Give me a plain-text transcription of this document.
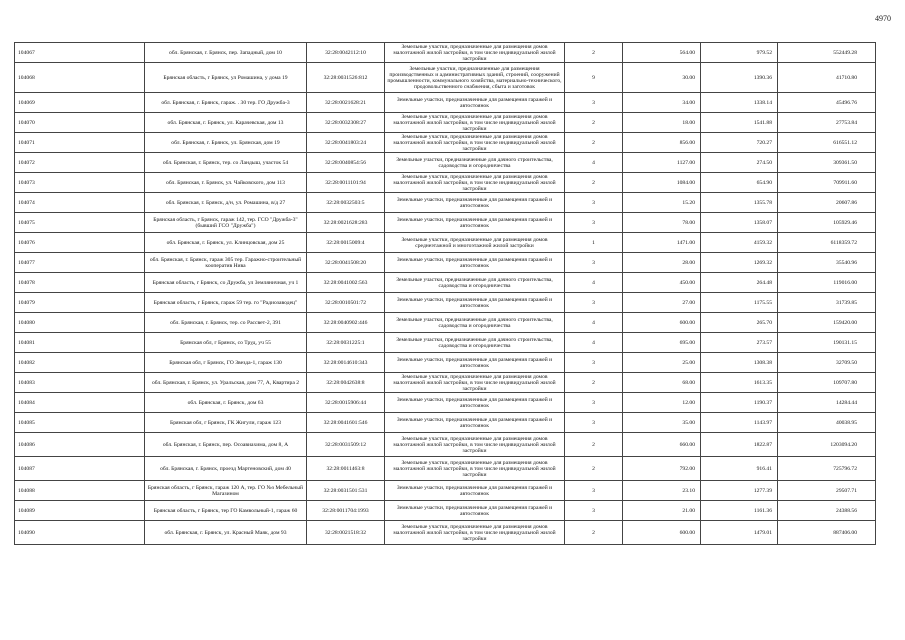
4970
104067	обл. Брянская, г. Брянск, пер. Западный, дом 10	32:28:0042112:10	Земельные участки, предназначенные для размещения домов малоэтажной жилой застройки, в том числе индивидуальной жилой застройки	2	564.00	979.52	552449.28
104068	Брянская область, г Брянск, ул Ромашина, у дома 19	32:28:0031526:812	Земельные участки, предназначенные для размещения производственных и административных зданий, строений, сооружений промышленности, коммунального хозяйства, материально-технического, продовольственного снабжения, сбыта и заготовок	9	30.00	1390.36	41710.80
104069	обл. Брянская, г. Брянск, гараж. . 30 тер. ГО Дружба-3	32:28:0021628:21	Земельные участки, предназначенные для размещения гаражей и автостоянок	3	34.00	1338.14	45496.76
104070	обл. Брянская, г. Брянск, ул. Карачевская, дом 13	32:28:0032308:27	Земельные участки, предназначенные для размещения домов малоэтажной жилой застройки, в том числе индивидуальной жилой застройки	2	18.00	1541.88	27753.84
104071	обл. Брянская, г. Брянск, ул. Брянская, дом 19	32:28:0041803:24	Земельные участки, предназначенные для размещения домов малоэтажной жилой застройки, в том числе индивидуальной жилой застройки	2	856.00	720.27	616551.12
104072	обл. Брянская, г. Брянск, тер. со Ландыш, участок 54	32:28:0040854:56	Земельные участки, предназначенные для дачного строительства, садоводства и огородничества	4	1127.00	274.50	309361.50
104073	обл. Брянская, г. Брянск, ул. Чайковского, дом 113	32:28:0011101:94	Земельные участки, предназначенные для размещения домов малоэтажной жилой застройки, в том числе индивидуальной жилой застройки	2	1084.00	654.90	709911.60
104074	обл. Брянская, г. Брянск, д/н, ул. Ромашина, в/д 27	32:28:0032503:5	Земельные участки, предназначенные для размещения гаражей и автостоянок	3	15.20	1355.78	20607.86
104075	Брянская область, г Брянск, гараж 142, тер. ГСО "Дружба-3" (бывший ГСО "Дружба")	32:28:0021628:283	Земельные участки, предназначенные для размещения гаражей и автостоянок	3	78.00	1358.07	105929.46
104076	обл. Брянская, г. Брянск, ул. Клинцовская, дом 25	32:28:0015009:4	Земельные участки, предназначенные для размещения домов среднеэтажной и многоэтажной жилой застройки	1	1471.00	4159.32	6118359.72
104077	обл. Брянская, г. Брянск, гараж 305 тер. Гаражно-строительный кооператив Нива	32:28:0041508:20	Земельные участки, предназначенные для размещения гаражей и автостоянок	3	28.00	1269.32	35540.96
104078	Брянская область, г Брянск, со Дружба, ул Земляничная, уч 1	32:28:0041002:563	Земельные участки, предназначенные для дачного строительства, садоводства и огородничества	4	450.00	264.48	119016.00
104079	Брянская область, г Брянск, гараж 59 тер. го "Радиозаводец"	32:28:0010501:72	Земельные участки, предназначенные для размещения гаражей и автостоянок	3	27.00	1175.55	31739.85
104080	обл. Брянская, г. Брянск, тер. со Рассвет-2, 391	32:28:0040902:446	Земельные участки, предназначенные для дачного строительства, садоводства и огородничества	4	600.00	265.70	159420.00
104081	Брянская обл, г Брянск, со Труд, уч 55	32:28:0031225:1	Земельные участки, предназначенные для дачного строительства, садоводства и огородничества	4	695.00	273.57	190131.15
104082	Брянская обл, г Брянск, ГО Звезда-1, гараж 130	32:28:0014610:343	Земельные участки, предназначенные для размещения гаражей и автостоянок	3	25.00	1308.38	32709.50
104083	обл. Брянская, г. Брянск, ул. Уральская, дом 77, А, Квартира 2	32:28:0042638:8	Земельные участки, предназначенные для размещения домов малоэтажной жилой застройки, в том числе индивидуальной жилой застройки	2	68.00	1613.35	109707.80
104084	обл. Брянская, г. Брянск, дом 63	32:28:0015906:44	Земельные участки, предназначенные для размещения гаражей и автостоянок	3	12.00	1190.37	14284.44
104085	Брянская обл, г Брянск, ГК Жигули, гараж 123	32:28:0041601:546	Земельные участки, предназначенные для размещения гаражей и автостоянок	3	35.00	1143.97	40038.95
104086	обл. Брянская, г. Брянск, пер. Осоавиахима, дом 8, А	32:28:0031509:12	Земельные участки, предназначенные для размещения домов малоэтажной жилой застройки, в том числе индивидуальной жилой застройки	2	660.00	1822.87	1203094.20
104087	обл. Брянская, г. Брянск, проезд Мартеновский, дом 40	32:28:0011463:8	Земельные участки, предназначенные для размещения домов малоэтажной жилой застройки, в том числе индивидуальной жилой застройки	2	792.00	916.41	725796.72
104088	Брянская область, г Брянск, гараж 120 А, тер. ГО №з Мебельный Магазином	32:28:0031501:531	Земельные участки, предназначенные для размещения гаражей и автостоянок	3	23.10	1277.39	29507.71
104089	Брянская область, г Брянск, тер ГО Камвольный-1, гараж 60	32:28:0011704:1993	Земельные участки, предназначенные для размещения гаражей и автостоянок	3	21.00	1161.36	24388.56
104090	обл. Брянская, г. Брянск, ул. Красный Маяк, дом 93	32:28:0021518:32	Земельные участки, предназначенные для размещения домов малоэтажной жилой застройки, в том числе индивидуальной жилой застройки	2	600.00	1479.01	887406.00
